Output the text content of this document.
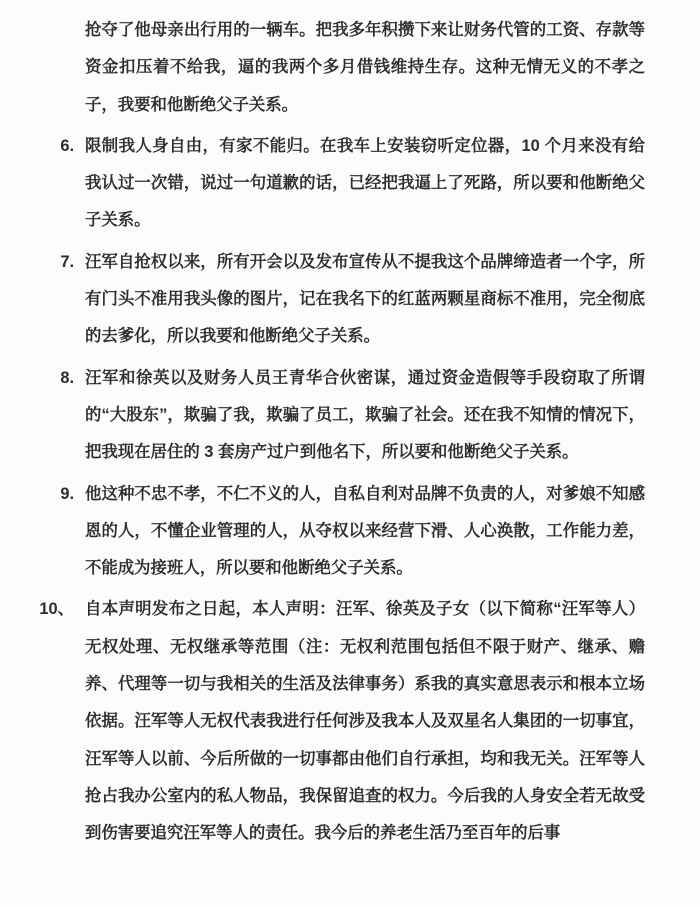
抢夺了他母亲出行用的一辆车。把我多年积攒下来让财务代管的工资、存款等资金扣压着不给我，逼的我两个多月借钱维持生存。这种无情无义的不孝之子，我要和他断绝父子关系。
6. 限制我人身自由，有家不能归。在我车上安装窃听定位器，10 个月来没有给我认过一次错，说过一句道歉的话，已经把我逼上了死路，所以要和他断绝父子关系。
7. 汪军自抢权以来，所有开会以及发布宣传从不提我这个品牌缔造者一个字，所有门头不准用我头像的图片，记在我名下的红蓝两颗星商标不准用，完全彻底的去爹化，所以我要和他断绝父子关系。
8. 汪军和徐英以及财务人员王青华合伙密谋，通过资金造假等手段窃取了所谓的“大股东”，欺骗了我，欺骗了员工，欺骗了社会。还在我不知情的情况下，把我现在居住的 3 套房产过户到他名下，所以要和他断绝父子关系。
9. 他这种不忠不孝，不仁不义的人，自私自利对品牌不负责的人，对爹娘不知感恩的人，不懂企业管理的人，从夺权以来经营下滑、人心涣散，工作能力差，不能成为接班人，所以要和他断绝父子关系。
10、 自本声明发布之日起，本人声明：汪军、徐英及子女（以下简称“汪军等人）无权处理、无权继承等范围（注：无权利范围包括但不限于财产、继承、赡养、代理等一切与我相关的生活及法律事务）系我的真实意思表示和根本立场依据。汪军等人无权代表我进行任何涉及我本人及双星名人集团的一切事宜，汪军等人以前、今后所做的一切事都由他们自行承担，均和我无关。汪军等人抢占我办公室内的私人物品，我保留追查的权力。今后我的人身安全若无故受到伤害要追究汪军等人的责任。我今后的养老生活乃至百年的后事
